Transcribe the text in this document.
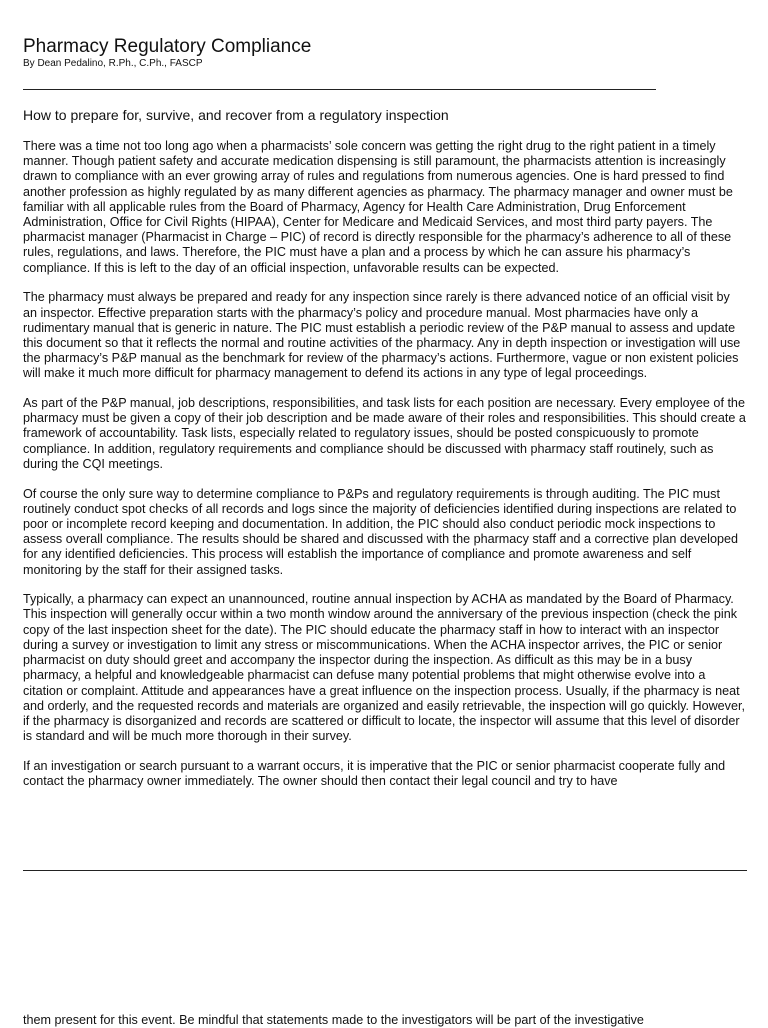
Pharmacy Regulatory Compliance
By Dean Pedalino, R.Ph., C.Ph., FASCP
How to prepare for, survive, and recover from a regulatory inspection

There was a time not too long ago when a pharmacists’ sole concern was getting the right drug to the right patient in a timely manner. Though patient safety and accurate medication dispensing is still paramount, the pharmacists attention is increasingly drawn to compliance with an ever growing array of rules and regulations from numerous agencies. One is hard pressed to find another profession as highly regulated by as many different agencies as pharmacy. The pharmacy manager and owner must be familiar with all applicable rules from the Board of Pharmacy, Agency for Health Care Administration, Drug Enforcement Administration, Office for Civil Rights (HIPAA), Center for Medicare and Medicaid Services, and most third party payers. The pharmacist manager (Pharmacist in Charge – PIC) of record is directly responsible for the pharmacy’s adherence to all of these rules, regulations, and laws. Therefore, the PIC must have a plan and a process by which he can assure his pharmacy’s compliance. If this is left to the day of an official inspection, unfavorable results can be expected.

The pharmacy must always be prepared and ready for any inspection since rarely is there advanced notice of an official visit by an inspector. Effective preparation starts with the pharmacy’s policy and procedure manual. Most pharmacies have only a rudimentary manual that is generic in nature. The PIC must establish a periodic review of the P&P manual to assess and update this document so that it reflects the normal and routine activities of the pharmacy. Any in depth inspection or investigation will use the pharmacy’s P&P manual as the benchmark for review of the pharmacy’s actions. Furthermore, vague or non existent policies will make it much more difficult for pharmacy management to defend its actions in any type of legal proceedings.

As part of the P&P manual, job descriptions, responsibilities, and task lists for each position are necessary. Every employee of the pharmacy must be given a copy of their job description and be made aware of their roles and responsibilities. This should create a framework of accountability. Task lists, especially related to regulatory issues, should be posted conspicuously to promote compliance. In addition, regulatory requirements and compliance should be discussed with pharmacy staff routinely, such as during the CQI meetings.

Of course the only sure way to determine compliance to P&Ps and regulatory requirements is through auditing. The PIC must routinely conduct spot checks of all records and logs since the majority of deficiencies identified during inspections are related to poor or incomplete record keeping and documentation. In addition, the PIC should also conduct periodic mock inspections to assess overall compliance. The results should be shared and discussed with the pharmacy staff and a corrective plan developed for any identified deficiencies. This process will establish the importance of compliance and promote awareness and self monitoring by the staff for their assigned tasks.

Typically, a pharmacy can expect an unannounced, routine annual inspection by ACHA as mandated by the Board of Pharmacy. This inspection will generally occur within a two month window around the anniversary of the previous inspection (check the pink copy of the last inspection sheet for the date). The PIC should educate the pharmacy staff in how to interact with an inspector during a survey or investigation to limit any stress or miscommunications. When the ACHA inspector arrives, the PIC or senior pharmacist on duty should greet and accompany the inspector during the inspection. As difficult as this may be in a busy pharmacy, a helpful and knowledgeable pharmacist can defuse many potential problems that might otherwise evolve into a citation or complaint. Attitude and appearances have a great influence on the inspection process. Usually, if the pharmacy is neat and orderly, and the requested records and materials are organized and easily retrievable, the inspection will go quickly. However, if the pharmacy is disorganized and records are scattered or difficult to locate, the inspector will assume that this level of disorder is standard and will be much more thorough in their survey.

If an investigation or search pursuant to a warrant occurs, it is imperative that the PIC or senior pharmacist cooperate fully and contact the pharmacy owner immediately. The owner should then contact their legal council and try to have

them present for this event. Be mindful that statements made to the investigators will be part of the investigative
